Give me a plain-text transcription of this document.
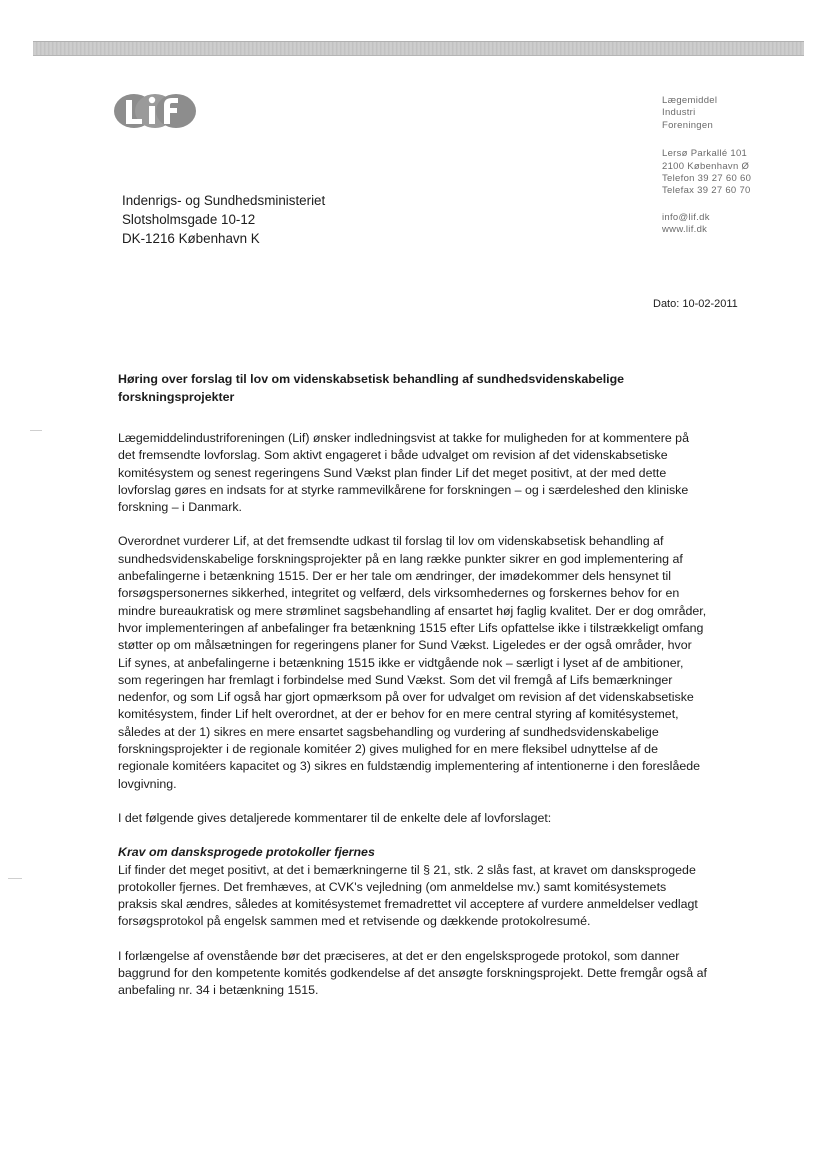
Lægemiddel
Industri
Foreningen
Lersø Parkallé 101
2100 København Ø
Telefon 39 27 60 60
Telefax 39 27 60 70
info@lif.dk
www.lif.dk
Indenrigs- og Sundhedsministeriet
Slotsholmsgade 10-12
DK-1216 København K
Dato: 10-02-2011
Høring over forslag til lov om videnskabsetisk behandling af sundhedsvidenskabelige forskningsprojekter

Lægemiddelindustriforeningen (Lif) ønsker indledningsvist at takke for muligheden for at kommentere på det fremsendte lovforslag. Som aktivt engageret i både udvalget om revision af det videnskabsetiske komitésystem og senest regeringens Sund Vækst plan finder Lif det meget positivt, at der med dette lovforslag gøres en indsats for at styrke rammevilkårene for forskningen – og i særdeleshed den kliniske forskning – i Danmark.

Overordnet vurderer Lif, at det fremsendte udkast til forslag til lov om videnskabsetisk behandling af sundhedsvidenskabelige forskningsprojekter på en lang række punkter sikrer en god implementering af anbefalingerne i betænkning 1515. Der er her tale om ændringer, der imødekommer dels hensynet til forsøgspersonernes sikkerhed, integritet og velfærd, dels virksomhedernes og forskernes behov for en mindre bureaukratisk og mere strømlinet sagsbehandling af ensartet høj faglig kvalitet. Der er dog områder, hvor implementeringen af anbefalinger fra betænkning 1515 efter Lifs opfattelse ikke i tilstrækkeligt omfang støtter op om målsætningen for regeringens planer for Sund Vækst. Ligeledes er der også områder, hvor Lif synes, at anbefalingerne i betænkning 1515 ikke er vidtgående nok – særligt i lyset af de ambitioner, som regeringen har fremlagt i forbindelse med Sund Vækst. Som det vil fremgå af Lifs bemærkninger nedenfor, og som Lif også har gjort opmærksom på over for udvalget om revision af det videnskabsetiske komitésystem, finder Lif helt overordnet, at der er behov for en mere central styring af komitésystemet, således at der 1) sikres en mere ensartet sagsbehandling og vurdering af sundhedsvidenskabelige forskningsprojekter i de regionale komitéer 2) gives mulighed for en mere fleksibel udnyttelse af de regionale komitéers kapacitet og 3) sikres en fuldstændig implementering af intentionerne i den foreslåede lovgivning.

I det følgende gives detaljerede kommentarer til de enkelte dele af lovforslaget:

Krav om dansksprogede protokoller fjernes

Lif finder det meget positivt, at det i bemærkningerne til § 21, stk. 2 slås fast, at kravet om dansksprogede protokoller fjernes. Det fremhæves, at CVK's vejledning (om anmeldelse mv.) samt komitésystemets praksis skal ændres, således at komitésystemet fremadrettet vil acceptere af vurdere anmeldelser vedlagt forsøgsprotokol på engelsk sammen med et retvisende og dækkende protokolresumé.

I forlængelse af ovenstående bør det præciseres, at det er den engelsksprogede protokol, som danner baggrund for den kompetente komités godkendelse af det ansøgte forskningsprojekt. Dette fremgår også af anbefaling nr. 34 i betænkning 1515.
